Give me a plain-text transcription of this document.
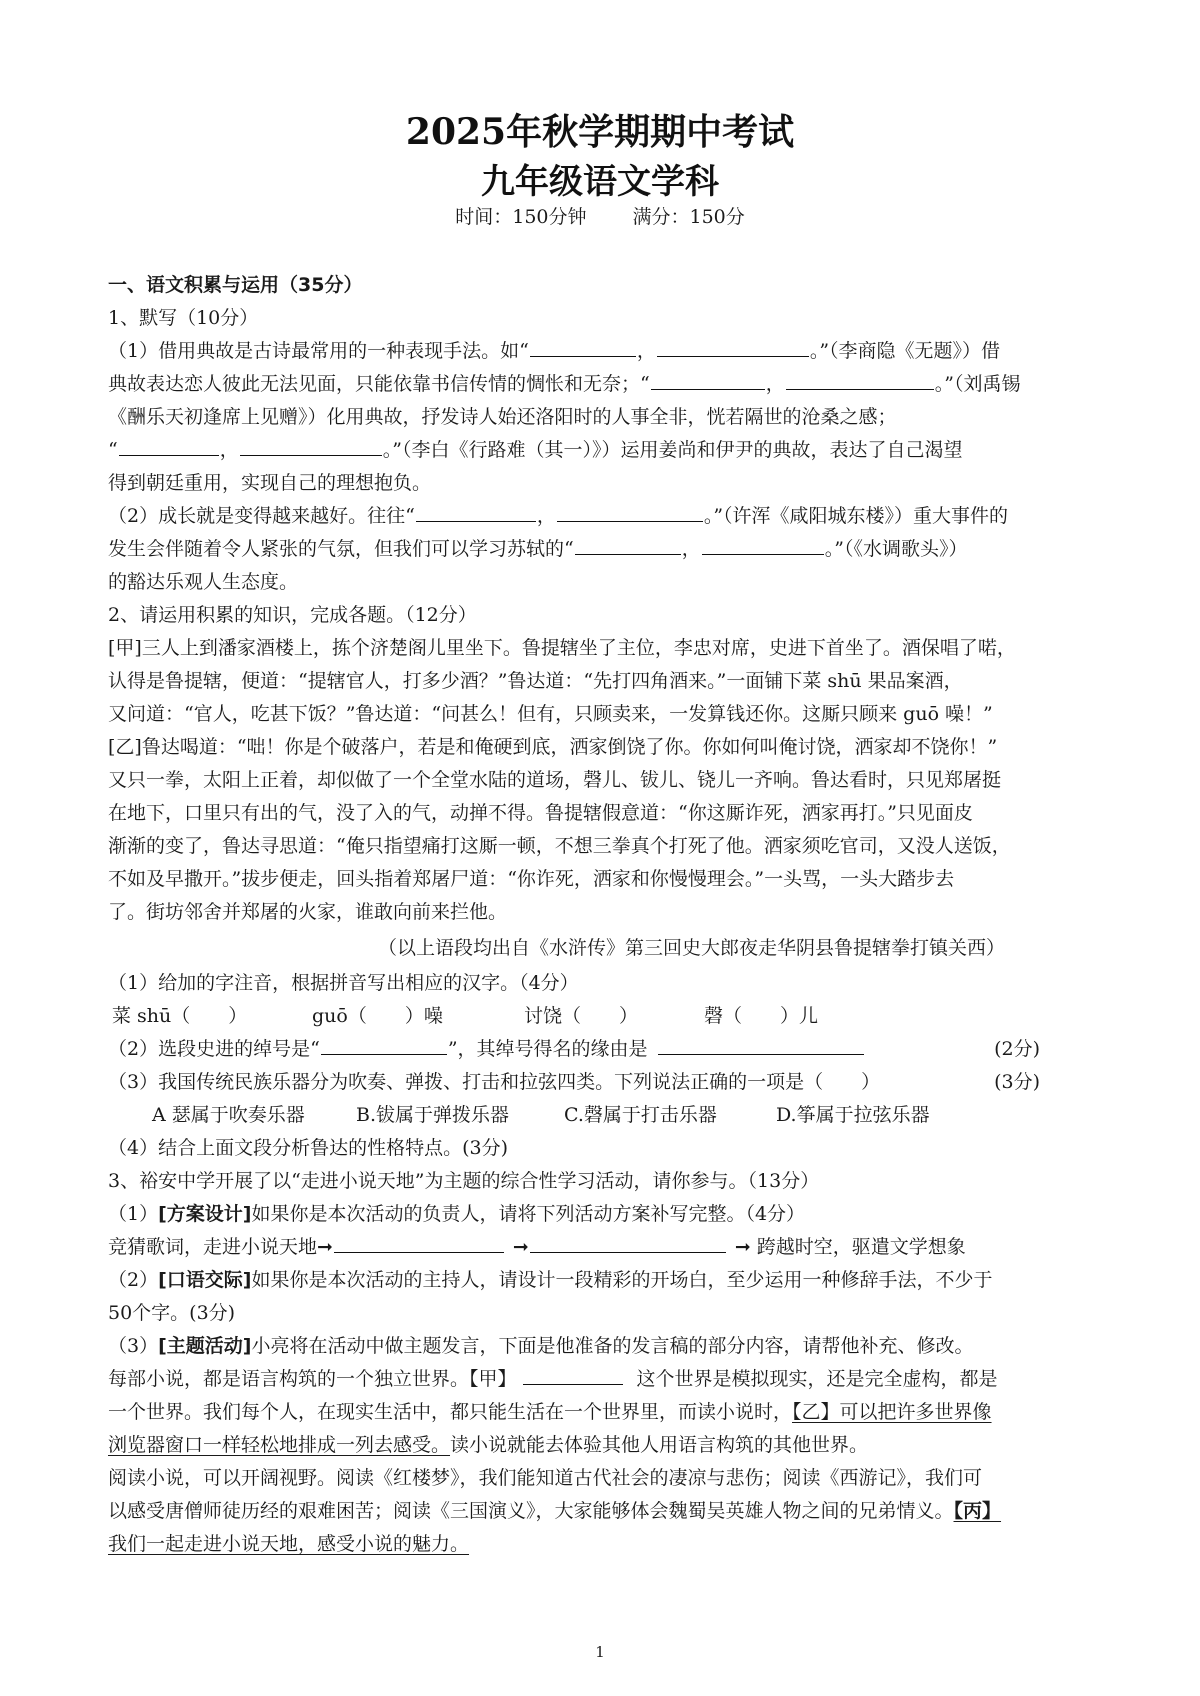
2025年秋学期期中考试
九年级语文学科
时间：150分钟 满分：150分
一、语文积累与运用（35分）
1、默写（10分）
（1）借用典故是古诗最常用的一种表现手法。如“	，	。”（李商隐《无题》）借
典故表达恋人彼此无法见面，只能依靠书信传情的惆怅和无奈；“	，	。”（刘禹锡
《酬乐天初逢席上见赠》）化用典故，抒发诗人始还洛阳时的人事全非，恍若隔世的沧桑之感；
“	，	。”（李白《行路难（其一）》）运用姜尚和伊尹的典故，表达了自己渴望
得到朝廷重用，实现自己的理想抱负。
（2）成长就是变得越来越好。往往“	，	。”（许浑《咸阳城东楼》）重大事件的
发生会伴随着令人紧张的气氛，但我们可以学习苏轼的“	，	。”（《水调歌头》）
的豁达乐观人生态度。
2、请运用积累的知识，完成各题。（12分）
[甲]三人上到潘家酒楼上，拣个济楚阁儿里坐下。鲁提辖坐了主位，李忠对席，史进下首坐了。酒保唱了喏，
认得是鲁提辖，便道：“提辖官人，打多少酒？”鲁达道：“先打四角酒来。”一面铺下菜 shū 果品案酒，
又问道：“官人，吃甚下饭？”鲁达道：“问甚么！但有，只顾卖来，一发算钱还你。这厮只顾来 guō 噪！”
[乙]鲁达喝道：“咄！你是个破落户，若是和俺硬到底，洒家倒饶了你。你如何叫俺讨饶，洒家却不饶你！”
又只一拳，太阳上正着，却似做了一个全堂水陆的道场，磬儿、钹儿、铙儿一齐响。鲁达看时，只见郑屠挺
在地下，口里只有出的气，没了入的气，动掸不得。鲁提辖假意道：“你这厮诈死，洒家再打。”只见面皮
渐渐的变了，鲁达寻思道：“俺只指望痛打这厮一顿，不想三拳真个打死了他。洒家须吃官司，又没人送饭，
不如及早撒开。”拔步便走，回头指着郑屠尸道：“你诈死，洒家和你慢慢理会。”一头骂，一头大踏步去
了。街坊邻舍并郑屠的火家，谁敢向前来拦他。
（以上语段均出自《水浒传》第三回史大郎夜走华阴县鲁提辖拳打镇关西）
（1）给加的字注音，根据拼音写出相应的汉字。（4分）
菜 shū（　　）	guō（　　）噪	讨饶（　　）	磬（　　）儿
（2）选段史进的绰号是“	”，其绰号得名的缘由是	(2分)
（3）我国传统民族乐器分为吹奏、弹拨、打击和拉弦四类。下列说法正确的一项是（　　）	(3分)
A 瑟属于吹奏乐器	B.钹属于弹拨乐器	C.磬属于打击乐器	D.筝属于拉弦乐器
（4）结合上面文段分析鲁达的性格特点。(3分)
3、裕安中学开展了以“走进小说天地”为主题的综合性学习活动，请你参与。（13分）
（1）[方案设计]如果你是本次活动的负责人，请将下列活动方案补写完整。（4分）
竞猜歌词，走进小说天地➞	➞	➞ 跨越时空，驱遣文学想象
（2）[口语交际]如果你是本次活动的主持人，请设计一段精彩的开场白，至少运用一种修辞手法，不少于
50个字。(3分)
（3）[主题活动]小亮将在活动中做主题发言，下面是他准备的发言稿的部分内容，请帮他补充、修改。
每部小说，都是语言构筑的一个独立世界。【甲】	这个世界是模拟现实，还是完全虚构，都是
一个世界。我们每个人，在现实生活中，都只能生活在一个世界里，而读小说时，【乙】可以把许多世界像
浏览器窗口一样轻松地排成一列去感受。读小说就能去体验其他人用语言构筑的其他世界。
阅读小说，可以开阔视野。阅读《红楼梦》，我们能知道古代社会的凄凉与悲伤；阅读《西游记》，我们可
以感受唐僧师徒历经的艰难困苦；阅读《三国演义》，大家能够体会魏蜀吴英雄人物之间的兄弟情义。【丙】
我们一起走进小说天地，感受小说的魅力。
1
